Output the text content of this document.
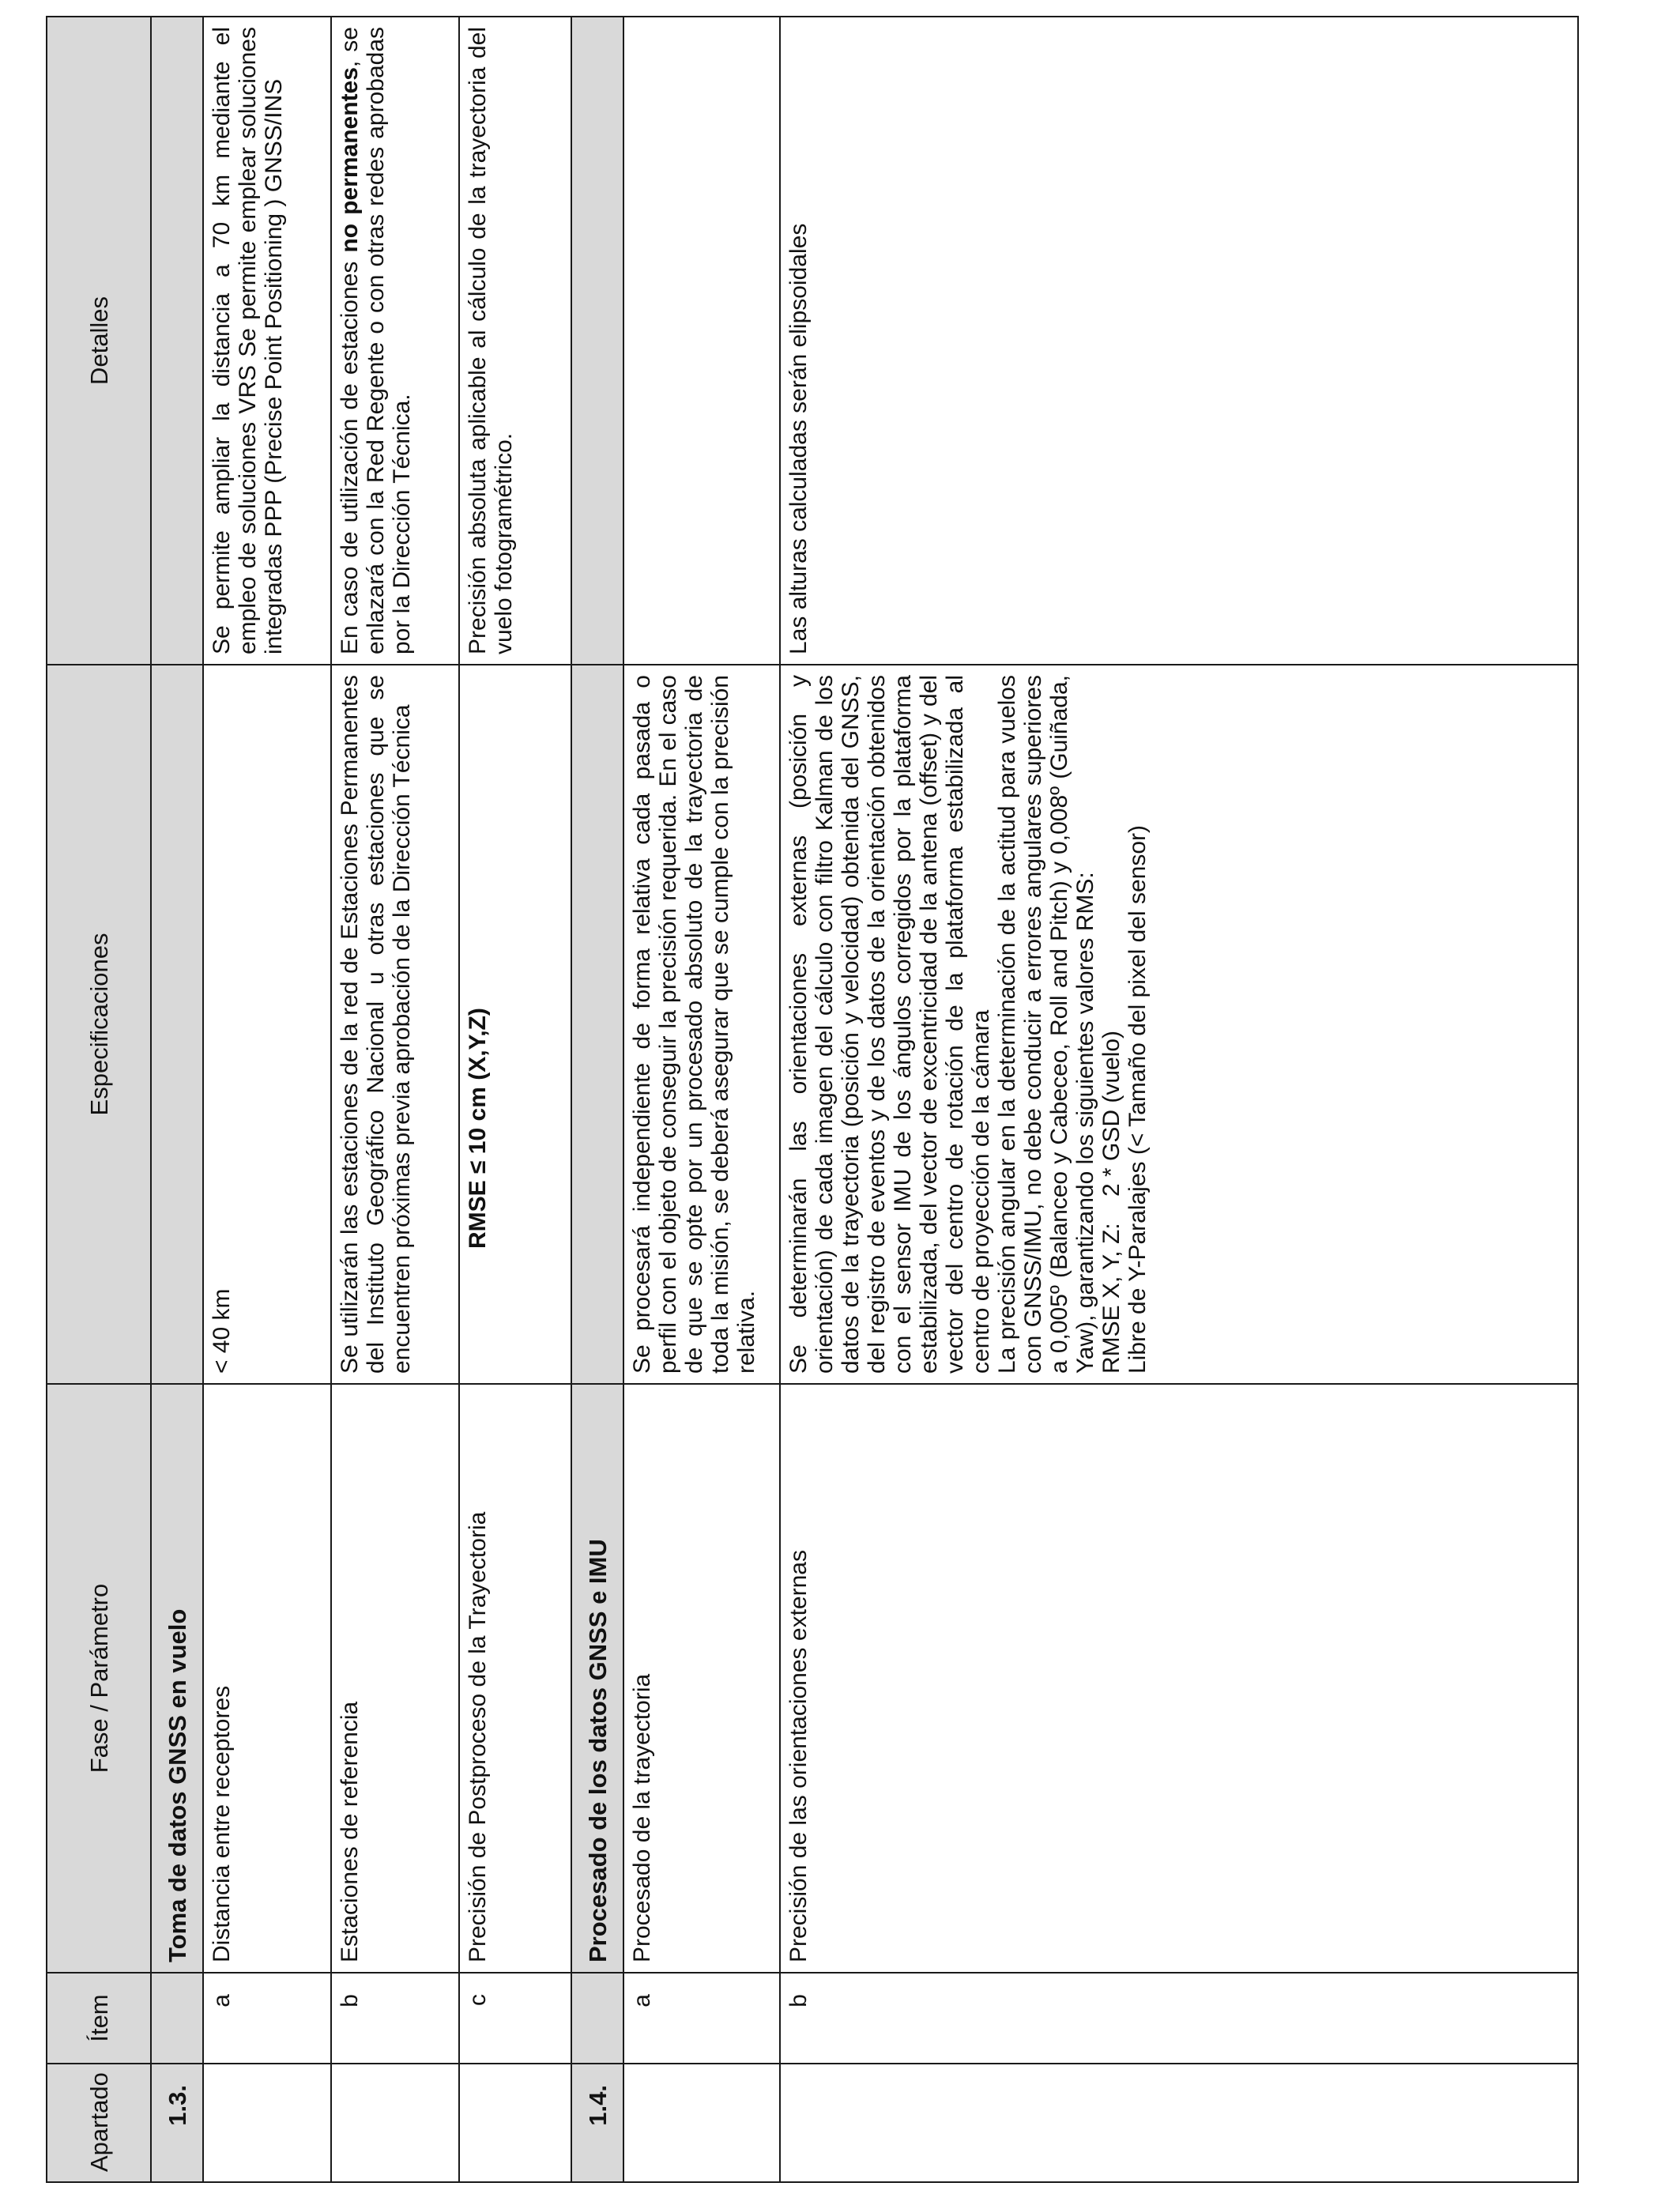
Apartado	Ítem	Fase / Parámetro	Especificaciones	Detalles
1.3.		Toma de datos GNSS en vuelo		
	a	Distancia entre receptores	< 40 km	Se permite ampliar la distancia a 70 km mediante el empleo de soluciones VRS Se permite emplear soluciones integradas PPP (Precise Point Positioning ) GNSS/INS
	b	Estaciones de referencia	Se utilizarán las estaciones de la red de Estaciones Permanentes del Instituto Geográfico Nacional u otras estaciones que se encuentren próximas previa aprobación de la Dirección Técnica	En caso de utilización de estaciones no permanentes, se enlazará con la Red Regente o con otras redes aprobadas por la Dirección Técnica.
	c	Precisión de Postproceso de la Trayectoria	RMSE ≤ 10 cm (X,Y,Z)	Precisión absoluta aplicable al cálculo de la trayectoria del vuelo fotogramétrico.
1.4.		Procesado de los datos GNSS e IMU		
	a	Procesado de la trayectoria	Se procesará independiente de forma relativa cada pasada o perfil con el objeto de conseguir la precisión requerida. En el caso de que se opte por un procesado absoluto de la trayectoria de toda la misión, se deberá asegurar que se cumple con la precisión relativa.	
	b	Precisión de las orientaciones externas	Se determinarán las orientaciones externas (posición y orientación) de cada imagen del cálculo con filtro Kalman de los datos de la trayectoria (posición y velocidad) obtenida del GNSS, del registro de eventos y de los datos de la orientación obtenidos con el sensor IMU de los ángulos corregidos por la plataforma estabilizada, del vector de excentricidad de la antena (offset) y del vector del centro de rotación de la plataforma estabilizada al centro de proyección de la cámara La precisión angular en la determinación de la actitud para vuelos con GNSS/IMU, no debe conducir a errores angulares superiores a 0,005º (Balanceo y Cabeceo, Roll and Pitch) y 0,008º (Guiñada, Yaw), garantizando los siguientes valores RMS: RMSE X, Y, Z:    2 * GSD (vuelo) Libre de Y-Paralajes (< Tamaño del pixel del sensor)	Las alturas calculadas serán elipsoidales
